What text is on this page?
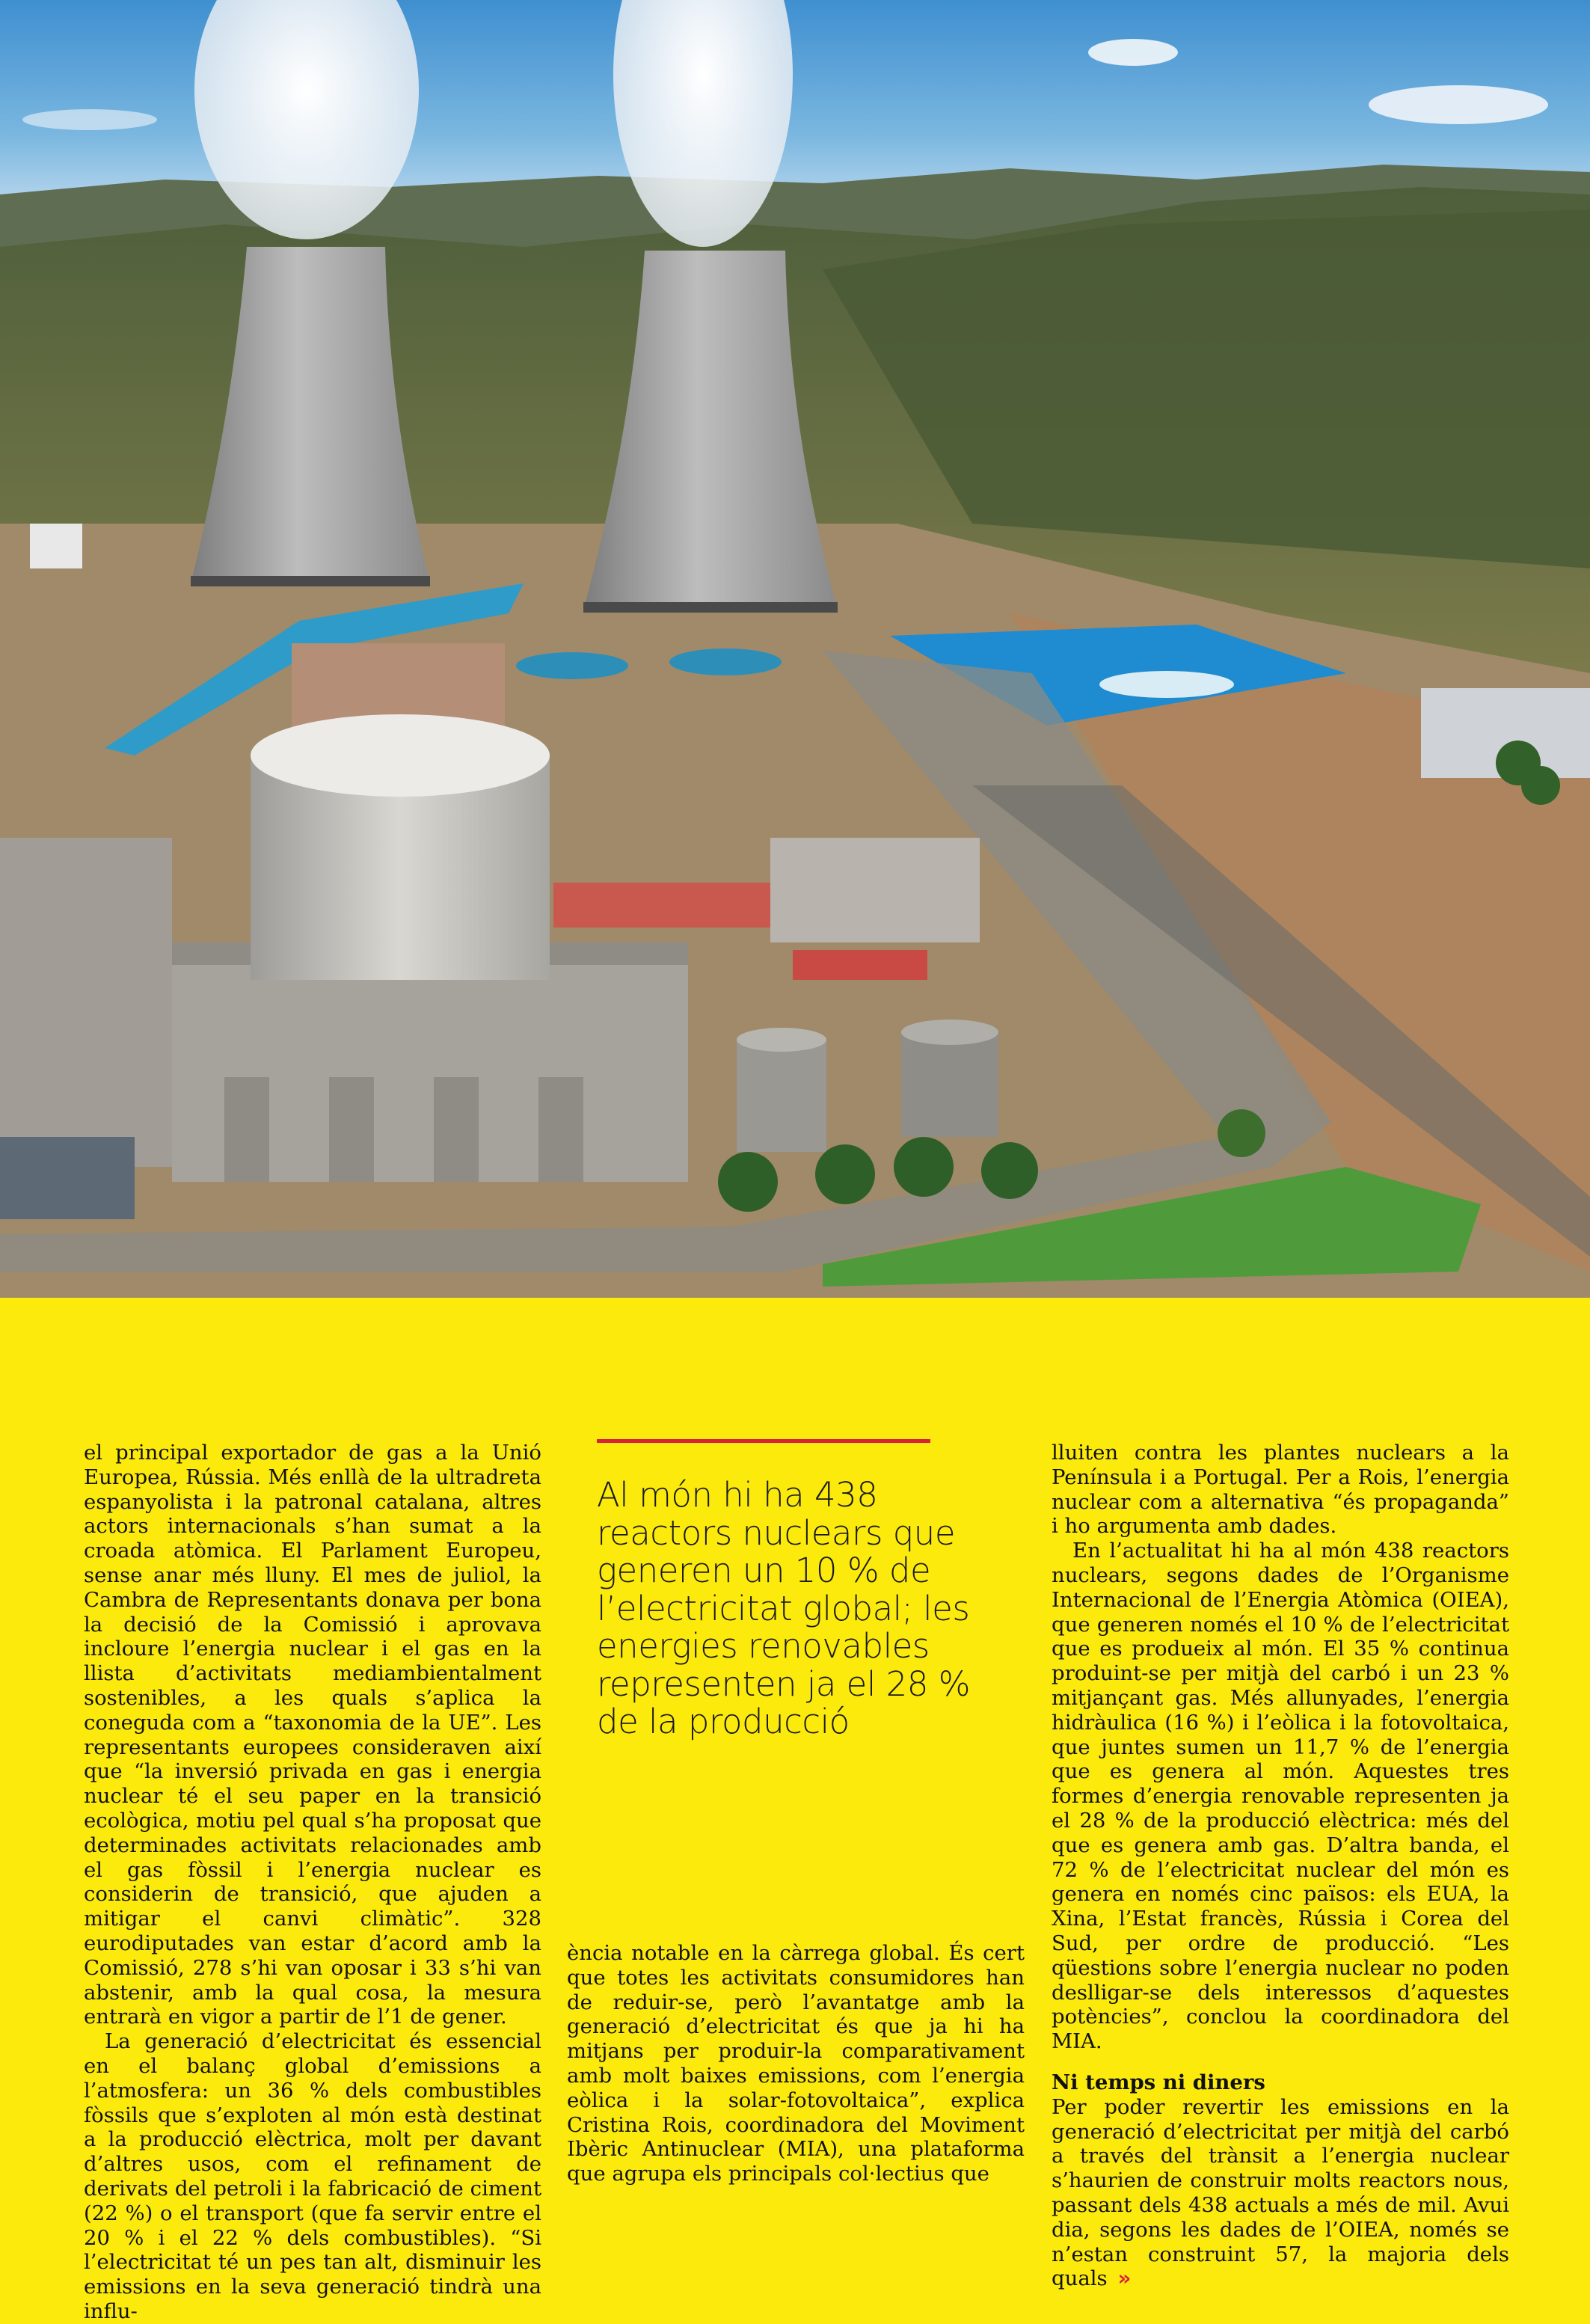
el principal exportador de gas a la Unió Europea, Rússia. Més enllà de la ultradreta espanyolista i la patronal catalana, altres actors internacionals s’han sumat a la croada atòmica. El Parlament Europeu, sense anar més lluny. El mes de juliol, la Cambra de Representants donava per bona la decisió de la Comissió i aprovava incloure l’energia nuclear i el gas en la llista d’activitats mediambientalment sostenibles, a les quals s’aplica la coneguda com a “taxonomia de la UE”. Les representants europees consideraven així que “la inversió privada en gas i energia nuclear té el seu paper en la transició ecològica, motiu pel qual s’ha proposat que determinades activitats relacionades amb el gas fòssil i l’energia nuclear es considerin de transició, que ajuden a mitigar el canvi climàtic”. 328 eurodiputades van estar d’acord amb la Comissió, 278 s’hi van oposar i 33 s’hi van abstenir, amb la qual cosa, la mesura entrarà en vigor a partir de l’1 de gener.

La generació d’electricitat és essencial en el balanç global d’emissions a l’atmosfera: un 36 % dels combustibles fòssils que s’exploten al món està destinat a la producció elèctrica, molt per davant d’altres usos, com el refinament de derivats del petroli i la fabricació de ciment (22 %) o el transport (que fa servir entre el 20 % i el 22 % dels combustibles). “Si l’electricitat té un pes tan alt, disminuir les emissions en la seva generació tindrà una influ-

Al món hi ha 438 reactors nuclears que generen un 10 % de l’electricitat global; les energies renovables representen ja el 28 % de la producció

ència notable en la càrrega global. És cert que totes les activitats consumidores han de reduir-se, però l’avantatge amb la generació d’electricitat és que ja hi ha mitjans per produir-la comparativament amb molt baixes emissions, com l’energia eòlica i la solar-fotovoltaica”, explica Cristina Rois, coordinadora del Moviment Ibèric Antinuclear (MIA), una plataforma que agrupa els principals col·lectius que

lluiten contra les plantes nuclears a la Península i a Portugal. Per a Rois, l’energia nuclear com a alternativa “és propaganda” i ho argumenta amb dades.

En l’actualitat hi ha al món 438 reactors nuclears, segons dades de l’Organisme Internacional de l’Energia Atòmica (OIEA), que generen només el 10 % de l’electricitat que es produeix al món. El 35 % continua produint-se per mitjà del carbó i un 23 % mitjançant gas. Més allunyades, l’energia hidràulica (16 %) i l’eòlica i la fotovoltaica, que juntes sumen un 11,7 % de l’energia que es genera al món. Aquestes tres formes d’energia renovable representen ja el 28 % de la producció elèctrica: més del que es genera amb gas. D’altra banda, el 72 % de l’electricitat nuclear del món es genera en només cinc països: els EUA, la Xina, l’Estat francès, Rússia i Corea del Sud, per ordre de producció. “Les qüestions sobre l’energia nuclear no poden deslligar-se dels interessos d’aquestes potències”, conclou la coordinadora del MIA.

Ni temps ni diners

Per poder revertir les emissions en la generació d’electricitat per mitjà del carbó a través del trànsit a l’energia nuclear s’haurien de construir molts reactors nous, passant dels 438 actuals a més de mil. Avui dia, segons les dades de l’OIEA, només se n’estan construint 57, la majoria dels quals »
